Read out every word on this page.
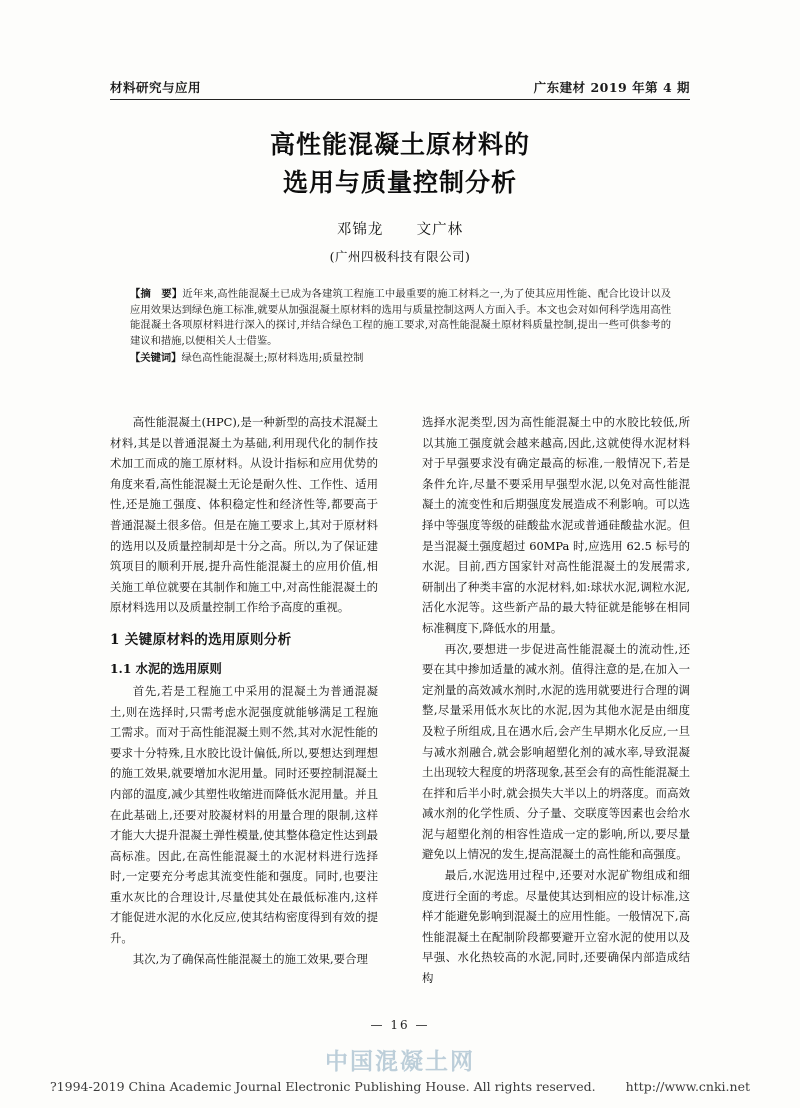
材料研究与应用	广东建材 2019 年第 4 期
高性能混凝土原材料的
选用与质量控制分析
邓锦龙 文广林
(广州四极科技有限公司)
【摘　要】近年来,高性能混凝土已成为各建筑工程施工中最重要的施工材料之一,为了使其应用性能、配合比设计以及应用效果达到绿色施工标准,就要从加强混凝土原材料的选用与质量控制这两人方面入手。本文也会对如何科学选用高性能混凝土各项原材料进行深入的探讨,并结合绿色工程的施工要求,对高性能混凝土原材料质量控制,提出一些可供参考的建议和措施,以便相关人士借鉴。
【关键词】绿色高性能混凝土;原材料选用;质量控制

高性能混凝土(HPC),是一种新型的高技术混凝土材料,其是以普通混凝土为基础,利用现代化的制作技术加工而成的施工原材料。从设计指标和应用优势的角度来看,高性能混凝土无论是耐久性、工作性、适用性,还是施工强度、体积稳定性和经济性等,都要高于普通混凝土很多倍。但是在施工要求上,其对于原材料的选用以及质量控制却是十分之高。所以,为了保证建筑项目的顺利开展,提升高性能混凝土的应用价值,相关施工单位就要在其制作和施工中,对高性能混凝土的原材料选用以及质量控制工作给予高度的重视。

1 关键原材料的选用原则分析
1.1 水泥的选用原则

首先,若是工程施工中采用的混凝土为普通混凝土,则在选择时,只需考虑水泥强度就能够满足工程施工需求。而对于高性能混凝土则不然,其对水泥性能的要求十分特殊,且水胶比设计偏低,所以,要想达到理想的施工效果,就要增加水泥用量。同时还要控制混凝土内部的温度,减少其塑性收缩进而降低水泥用量。并且在此基础上,还要对胶凝材料的用量合理的限制,这样才能大大提升混凝土弹性模量,使其整体稳定性达到最高标准。因此,在高性能混凝土的水泥材料进行选择时,一定要充分考虑其流变性能和强度。同时,也要注重水灰比的合理设计,尽量使其处在最低标准内,这样才能促进水泥的水化反应,使其结构密度得到有效的提升。

其次,为了确保高性能混凝土的施工效果,要合理

选择水泥类型,因为高性能混凝土中的水胶比较低,所以其施工强度就会越来越高,因此,这就使得水泥材料对于早强要求没有确定最高的标准,一般情况下,若是条件允许,尽量不要采用早强型水泥,以免对高性能混凝土的流变性和后期强度发展造成不利影响。可以选择中等强度等级的硅酸盐水泥或普通硅酸盐水泥。但是当混凝土强度超过 60MPa 时,应选用 62.5 标号的水泥。目前,西方国家针对高性能混凝土的发展需求,研制出了种类丰富的水泥材料,如:球状水泥,调粒水泥,活化水泥等。这些新产品的最大特征就是能够在相同标准稠度下,降低水的用量。

再次,要想进一步促进高性能混凝土的流动性,还要在其中掺加适量的减水剂。值得注意的是,在加入一定剂量的高效减水剂时,水泥的选用就要进行合理的调整,尽量采用低水灰比的水泥,因为其他水泥是由细度及粒子所组成,且在遇水后,会产生早期水化反应,一旦与减水剂融合,就会影响超塑化剂的减水率,导致混凝土出现较大程度的坍落现象,甚至会有的高性能混凝土在拌和后半小时,就会损失大半以上的坍落度。而高效减水剂的化学性质、分子量、交联度等因素也会给水泥与超塑化剂的相容性造成一定的影响,所以,要尽量避免以上情况的发生,提高混凝土的高性能和高强度。

最后,水泥选用过程中,还要对水泥矿物组成和细度进行全面的考虑。尽量使其达到相应的设计标准,这样才能避免影响到混凝土的应用性能。一般情况下,高性能混凝土在配制阶段都要避开立窑水泥的使用以及早强、水化热较高的水泥,同时,还要确保内部造成结构

— 16 —
中国混凝土网
?1994-2019 China Academic Journal Electronic Publishing House. All rights reserved. http://www.cnki.net
